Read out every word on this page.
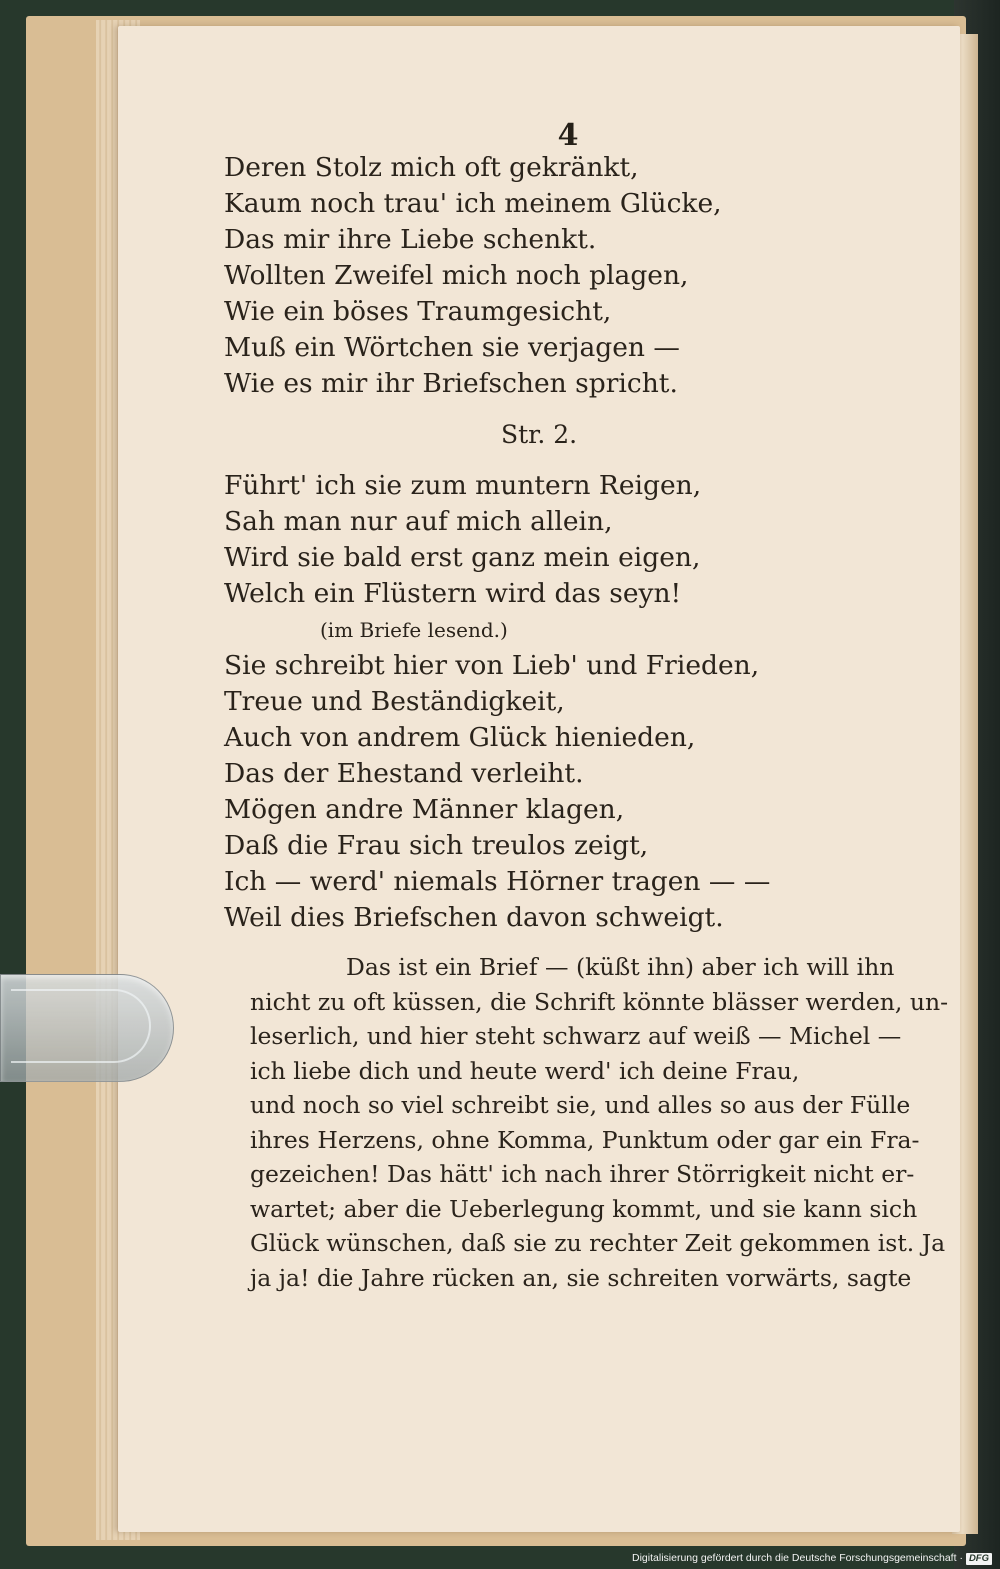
4
Deren Stolz mich oft gekränkt,
Kaum noch trau' ich meinem Glücke,
Das mir ihre Liebe schenkt.
Wollten Zweifel mich noch plagen,
Wie ein böses Traumgesicht,
Muß ein Wörtchen sie verjagen —
Wie es mir ihr Briefschen spricht.
Str. 2.
Führt' ich sie zum muntern Reigen,
Sah man nur auf mich allein,
Wird sie bald erst ganz mein eigen,
Welch ein Flüstern wird das seyn!
(im Briefe lesend.)
Sie schreibt hier von Lieb' und Frieden,
Treue und Beständigkeit,
Auch von andrem Glück hienieden,
Das der Ehestand verleiht.
Mögen andre Männer klagen,
Daß die Frau sich treulos zeigt,
Ich — werd' niemals Hörner tragen — —
Weil dies Briefschen davon schweigt.
Das ist ein Brief — (küßt ihn) aber ich will ihn
nicht zu oft küssen, die Schrift könnte blässer werden, un-
leserlich, und hier steht schwarz auf weiß — Michel —
ich liebe dich und heute werd' ich deine Frau,
und noch so viel schreibt sie, und alles so aus der Fülle
ihres Herzens, ohne Komma, Punktum oder gar ein Fra-
gezeichen! Das hätt' ich nach ihrer Störrigkeit nicht er-
wartet; aber die Ueberlegung kommt, und sie kann sich
Glück wünschen, daß sie zu rechter Zeit gekommen ist. Ja
ja ja! die Jahre rücken an, sie schreiten vorwärts, sagte
Digitalisierung gefördert durch die Deutsche Forschungsgemeinschaft · DFG
